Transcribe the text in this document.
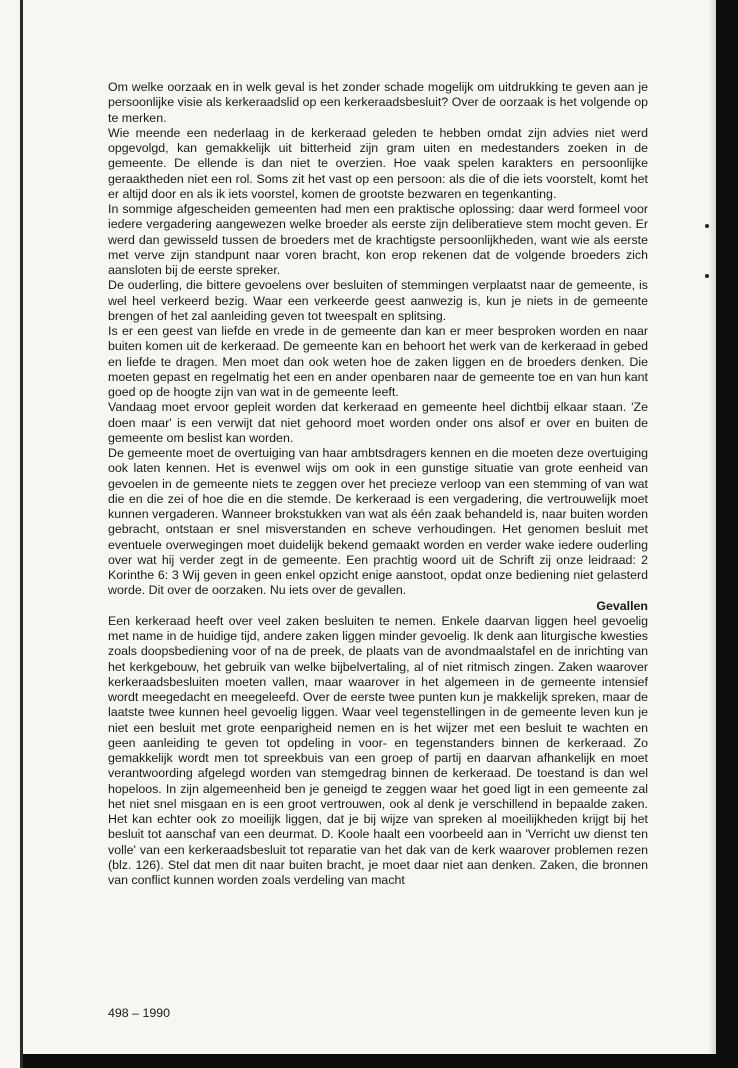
Om welke oorzaak en in welk geval is het zonder schade mogelijk om uitdrukking te geven aan je persoonlijke visie als kerkeraadslid op een kerkeraadsbesluit? Over de oorzaak is het volgende op te merken.

Wie meende een nederlaag in de kerkeraad geleden te hebben omdat zijn advies niet werd opgevolgd, kan gemakkelijk uit bitterheid zijn gram uiten en medestanders zoeken in de gemeente. De ellende is dan niet te overzien. Hoe vaak spelen karakters en persoonlijke geraaktheden niet een rol. Soms zit het vast op een persoon: als die of die iets voorstelt, komt het er altijd door en als ik iets voorstel, komen de grootste bezwaren en tegenkanting.

In sommige afgescheiden gemeenten had men een praktische oplossing: daar werd formeel voor iedere vergadering aangewezen welke broeder als eerste zijn deliberatieve stem mocht geven. Er werd dan gewisseld tussen de broeders met de krachtigste persoonlijkheden, want wie als eerste met verve zijn standpunt naar voren bracht, kon erop rekenen dat de volgende broeders zich aansloten bij de eerste spreker.

De ouderling, die bittere gevoelens over besluiten of stemmingen verplaatst naar de gemeente, is wel heel verkeerd bezig. Waar een verkeerde geest aanwezig is, kun je niets in de gemeente brengen of het zal aanleiding geven tot tweespalt en splitsing.

Is er een geest van liefde en vrede in de gemeente dan kan er meer besproken worden en naar buiten komen uit de kerkeraad. De gemeente kan en behoort het werk van de kerkeraad in gebed en liefde te dragen. Men moet dan ook weten hoe de zaken liggen en de broeders denken. Die moeten gepast en regelmatig het een en ander openbaren naar de gemeente toe en van hun kant goed op de hoogte zijn van wat in de gemeente leeft.

Vandaag moet ervoor gepleit worden dat kerkeraad en gemeente heel dichtbij elkaar staan. 'Ze doen maar' is een verwijt dat niet gehoord moet worden onder ons alsof er over en buiten de gemeente om beslist kan worden.

De gemeente moet de overtuiging van haar ambtsdragers kennen en die moeten deze overtuiging ook laten kennen. Het is evenwel wijs om ook in een gunstige situatie van grote eenheid van gevoelen in de gemeente niets te zeggen over het precieze verloop van een stemming of van wat die en die zei of hoe die en die stemde. De kerkeraad is een vergadering, die vertrouwelijk moet kunnen vergaderen. Wanneer brokstukken van wat als één zaak behandeld is, naar buiten worden gebracht, ontstaan er snel misverstanden en scheve verhoudingen. Het genomen besluit met eventuele overwegingen moet duidelijk bekend gemaakt worden en verder wake iedere ouderling over wat hij verder zegt in de gemeente. Een prachtig woord uit de Schrift zij onze leidraad: 2 Korinthe 6: 3 Wij geven in geen enkel opzicht enige aanstoot, opdat onze bediening niet gelasterd worde. Dit over de oorzaken. Nu iets over de gevallen.

Gevallen

Een kerkeraad heeft over veel zaken besluiten te nemen. Enkele daarvan liggen heel gevoelig met name in de huidige tijd, andere zaken liggen minder gevoelig. Ik denk aan liturgische kwesties zoals doopsbediening voor of na de preek, de plaats van de avondmaalstafel en de inrichting van het kerkgebouw, het gebruik van welke bijbelvertaling, al of niet ritmisch zingen. Zaken waarover kerkeraadsbesluiten moeten vallen, maar waarover in het algemeen in de gemeente intensief wordt meegedacht en meegeleefd. Over de eerste twee punten kun je makkelijk spreken, maar de laatste twee kunnen heel gevoelig liggen. Waar veel tegenstellingen in de gemeente leven kun je niet een besluit met grote eenparigheid nemen en is het wijzer met een besluit te wachten en geen aanleiding te geven tot opdeling in voor- en tegenstanders binnen de kerkeraad. Zo gemakkelijk wordt men tot spreekbuis van een groep of partij en daarvan afhankelijk en moet verantwoording afgelegd worden van stemgedrag binnen de kerkeraad. De toestand is dan wel hopeloos. In zijn algemeenheid ben je geneigd te zeggen waar het goed ligt in een gemeente zal het niet snel misgaan en is een groot vertrouwen, ook al denk je verschillend in bepaalde zaken. Het kan echter ook zo moeilijk liggen, dat je bij wijze van spreken al moeilijkheden krijgt bij het besluit tot aanschaf van een deurmat. D. Koole haalt een voorbeeld aan in 'Verricht uw dienst ten volle' van een kerkeraadsbesluit tot reparatie van het dak van de kerk waarover problemen rezen (blz. 126). Stel dat men dit naar buiten bracht, je moet daar niet aan denken. Zaken, die bronnen van conflict kunnen worden zoals verdeling van macht

498 – 1990
